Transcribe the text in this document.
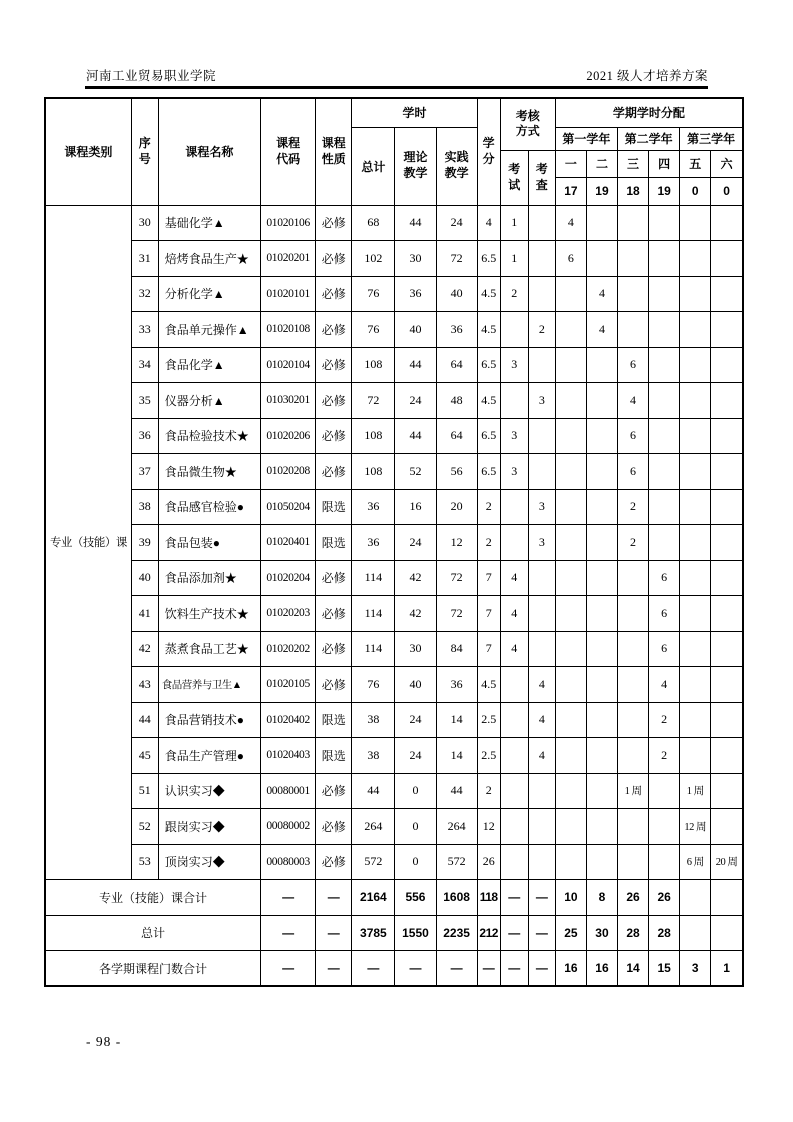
河南工业贸易职业学院	2021 级人才培养方案
课程类别	序号	课程名称	课程代码	课程性质	学时			学分	考核方式		学期学时分配					
					总计	理论教学	实践教学				第一学年		第二学年		第三学年	
									考试	考查	一	二	三	四	五	六
											17	19	18	19	0	0
专业（技能）课	30	基础化学▲	01020106	必修	68	44	24	4	1		4					
	31	焙烤食品生产★	01020201	必修	102	30	72	6.5	1		6					
	32	分析化学▲	01020101	必修	76	36	40	4.5	2			4				
	33	食品单元操作▲	01020108	必修	76	40	36	4.5		2		4				
	34	食品化学▲	01020104	必修	108	44	64	6.5	3				6			
	35	仪器分析▲	01030201	必修	72	24	48	4.5		3			4			
	36	食品检验技术★	01020206	必修	108	44	64	6.5	3				6			
	37	食品微生物★	01020208	必修	108	52	56	6.5	3				6			
	38	食品感官检验●	01050204	限选	36	16	20	2		3			2			
	39	食品包装●	01020401	限选	36	24	12	2		3			2			
	40	食品添加剂★	01020204	必修	114	42	72	7	4					6		
	41	饮料生产技术★	01020203	必修	114	42	72	7	4					6		
	42	蒸煮食品工艺★	01020202	必修	114	30	84	7	4					6		
	43	食品营养与卫生▲	01020105	必修	76	40	36	4.5		4				4		
	44	食品营销技术●	01020402	限选	38	24	14	2.5		4				2		
	45	食品生产管理●	01020403	限选	38	24	14	2.5		4				2		
	51	认识实习◆	00080001	必修	44	0	44	2					1 周		1 周	
	52	跟岗实习◆	00080002	必修	264	0	264	12							12 周	
	53	顶岗实习◆	00080003	必修	572	0	572	26							6 周	20 周
专业（技能）课合计			—	—	2164	556	1608	118	—	—	10	8	26	26		
总计			—	—	3785	1550	2235	212	—	—	25	30	28	28		
各学期课程门数合计			—	—	—	—	—	—	—	—	16	16	14	15	3	1
- 98 -
